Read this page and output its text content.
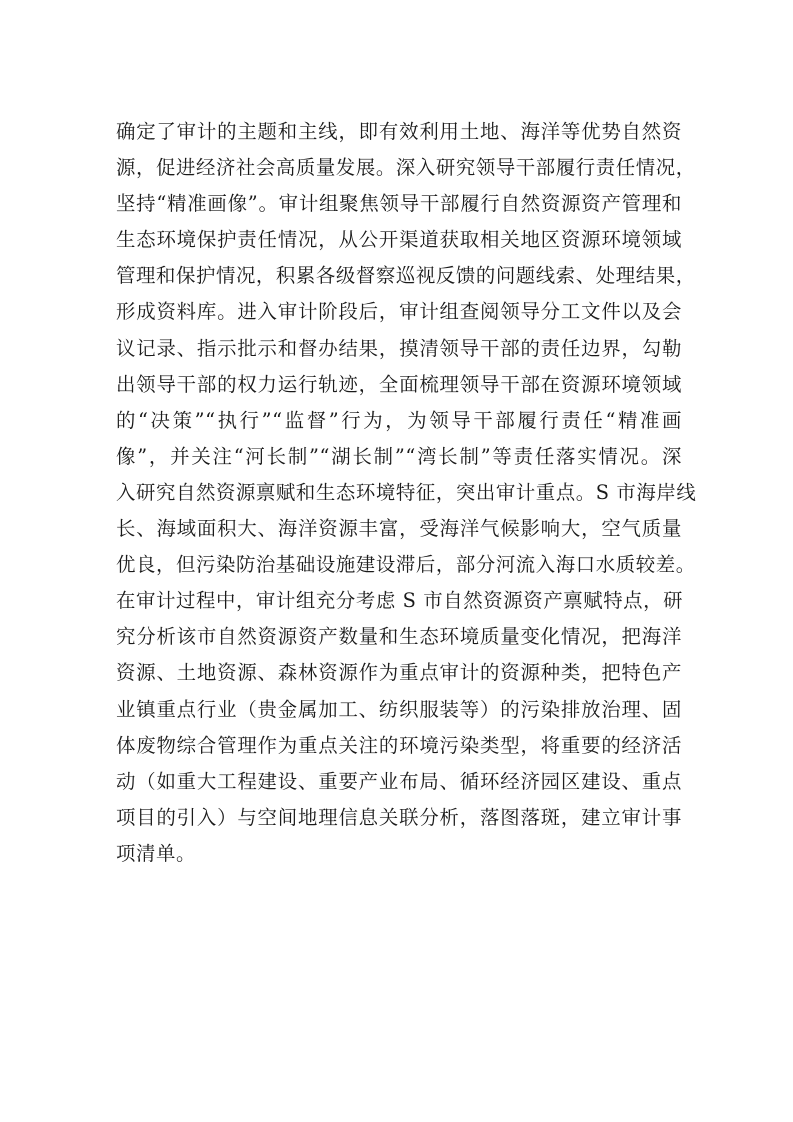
确定了审计的主题和主线，即有效利用土地、海洋等优势自然资
源，促进经济社会高质量发展。深入研究领导干部履行责任情况，
坚持“精准画像”。审计组聚焦领导干部履行自然资源资产管理和
生态环境保护责任情况，从公开渠道获取相关地区资源环境领域
管理和保护情况，积累各级督察巡视反馈的问题线索、处理结果，
形成资料库。进入审计阶段后，审计组查阅领导分工文件以及会
议记录、指示批示和督办结果，摸清领导干部的责任边界，勾勒
出领导干部的权力运行轨迹，全面梳理领导干部在资源环境领域
的“决策”“执行”“监督”行为，为领导干部履行责任“精准画
像”，并关注“河长制”“湖长制”“湾长制”等责任落实情况。深
入研究自然资源禀赋和生态环境特征，突出审计重点。S 市海岸线
长、海域面积大、海洋资源丰富，受海洋气候影响大，空气质量
优良，但污染防治基础设施建设滞后，部分河流入海口水质较差。
在审计过程中，审计组充分考虑 S 市自然资源资产禀赋特点，研
究分析该市自然资源资产数量和生态环境质量变化情况，把海洋
资源、土地资源、森林资源作为重点审计的资源种类，把特色产
业镇重点行业（贵金属加工、纺织服装等）的污染排放治理、固
体废物综合管理作为重点关注的环境污染类型，将重要的经济活
动（如重大工程建设、重要产业布局、循环经济园区建设、重点
项目的引入）与空间地理信息关联分析，落图落斑，建立审计事
项清单。
